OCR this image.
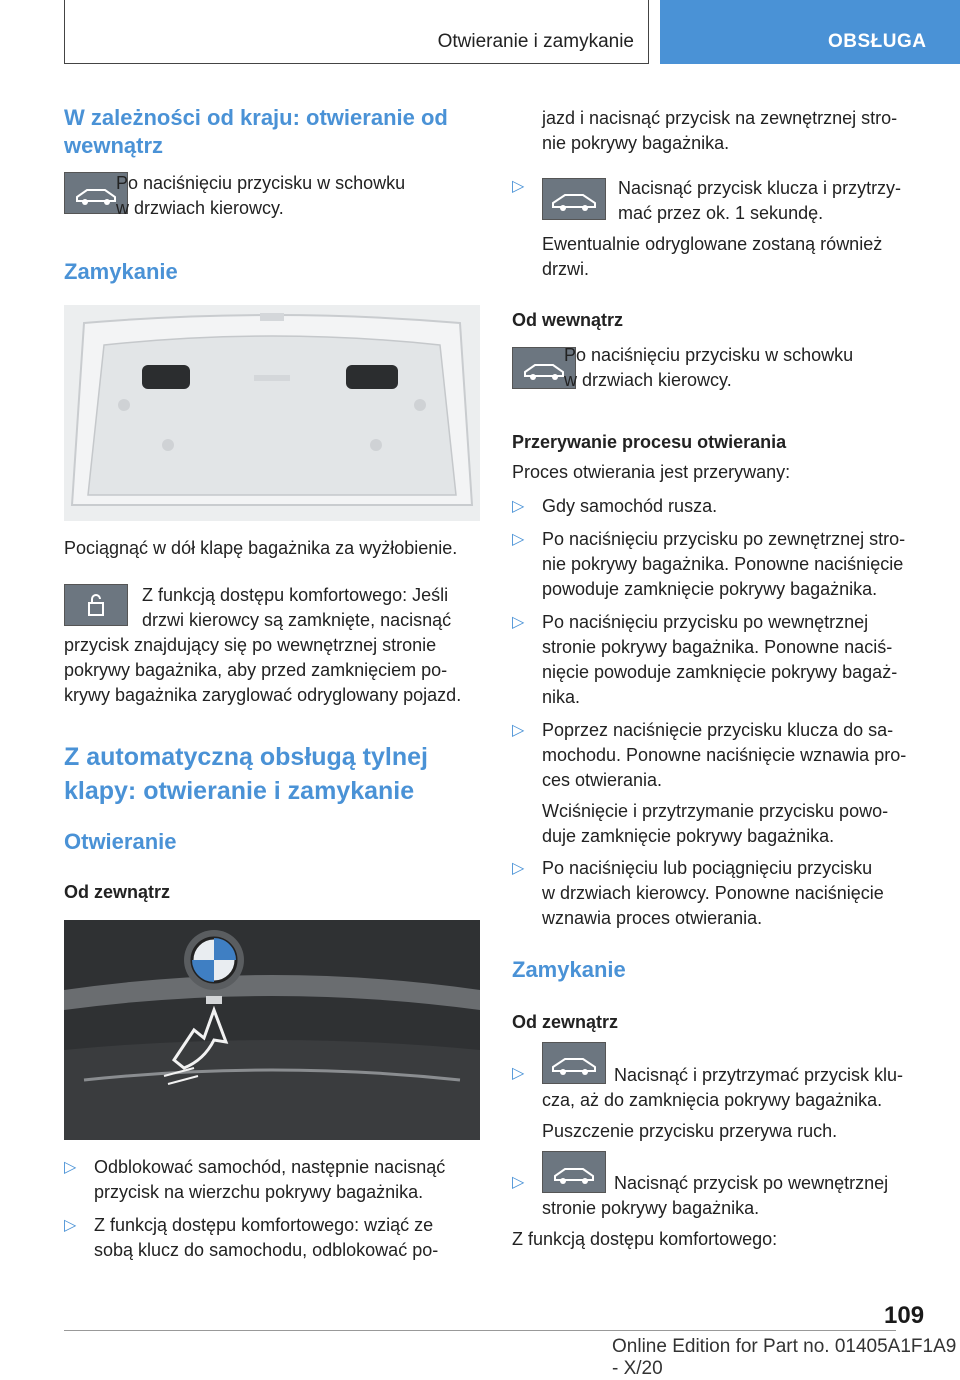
Otwieranie i zamykanie	OBSŁUGA
W zależności od kraju: otwieranie od wewnątrz
Po naciśnięciu przycisku w schowku
w drzwiach kierowcy.
Zamykanie
Pociągnąć w dół klapę bagażnika za wyżłobienie.
Z funkcją dostępu komfortowego: Jeśli
drzwi kierowcy są zamknięte, nacisnąć
przycisk znajdujący się po wewnętrznej stronie
pokrywy bagażnika, aby przed zamknięciem po-
krywy bagażnika zaryglować odryglowany pojazd.
Z automatyczną obsługą tylnej
klapy: otwieranie i zamykanie
Otwieranie
Od zewnątrz
▷ Odblokować samochód, następnie nacisnąć
przycisk na wierzchu pokrywy bagażnika.
▷ Z funkcją dostępu komfortowego: wziąć ze
sobą klucz do samochodu, odblokować po-
jazd i nacisnąć przycisk na zewnętrznej stro-
nie pokrywy bagażnika.
▷	Nacisnąć przycisk klucza i przytrzy-
mać przez ok. 1 sekundę.
Ewentualnie odryglowane zostaną również
drzwi.
Od wewnątrz
Po naciśnięciu przycisku w schowku
w drzwiach kierowcy.
Przerywanie procesu otwierania
Proces otwierania jest przerywany:
▷ Gdy samochód rusza.
▷ Po naciśnięciu przycisku po zewnętrznej stro-
nie pokrywy bagażnika. Ponowne naciśnięcie
powoduje zamknięcie pokrywy bagażnika.
▷ Po naciśnięciu przycisku po wewnętrznej
stronie pokrywy bagażnika. Ponowne naciś-
nięcie powoduje zamknięcie pokrywy bagaż-
nika.
▷ Poprzez naciśnięcie przycisku klucza do sa-
mochodu. Ponowne naciśnięcie wznawia pro-
ces otwierania.
Wciśnięcie i przytrzymanie przycisku powo-
duje zamknięcie pokrywy bagażnika.
▷ Po naciśnięciu lub pociągnięciu przycisku
w drzwiach kierowcy. Ponowne naciśnięcie
wznawia proces otwierania.
Zamykanie
Od zewnątrz
▷	Nacisnąć i przytrzymać przycisk klu-
cza, aż do zamknięcia pokrywy bagażnika.
Puszczenie przycisku przerywa ruch.
▷	Nacisnąć przycisk po wewnętrznej
stronie pokrywy bagażnika.
Z funkcją dostępu komfortowego:
109
Online Edition for Part no. 01405A1F1A9 - X/20
